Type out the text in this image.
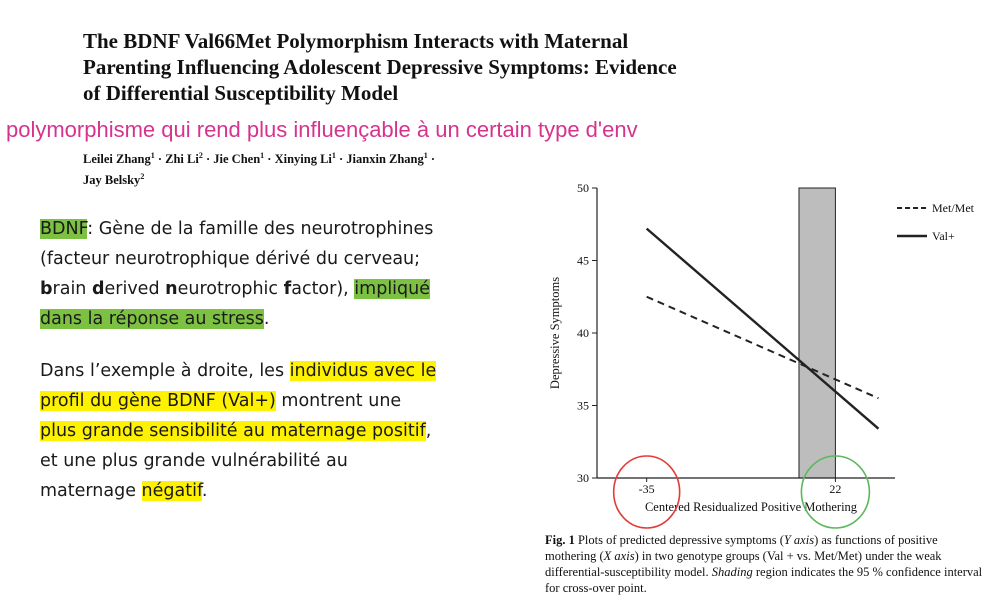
The BDNF Val66Met Polymorphism Interacts with Maternal
Parenting Influencing Adolescent Depressive Symptoms: Evidence
of Differential Susceptibility Model
polymorphisme qui rend plus influençable à un certain type d'env
Leilei Zhang$^1$ · Zhi $Li^2$ · Jie Chen$^1$ · Xinying $Li^1$ · Jianxin Zhang$^1$ ·
Jay Belsky$^2$

BDNF: Gène de la famille des neurotrophines (facteur neurotrophique dérivé du cerveau; brain derived neurotrophic factor), impliqué dans la réponse au stress.

Dans l’exemple à droite, les individus avec le profil du gène BDNF (Val+) montrent une plus grande sensibilité au maternage positif, et une plus grande vulnérabilité au maternage négatif.

30
35
40
45
50
-35	22
Centered Residualized Positive Mothering
Depressive Symptoms
Met/Met
Val+
Fig. 1 Plots of predicted depressive symptoms (Y axis) as functions of positive mothering (X axis) in two genotype groups (Val + vs. Met/Met) under the weak differential-susceptibility model. Shading region indicates the 95 % confidence interval for cross-over point.
